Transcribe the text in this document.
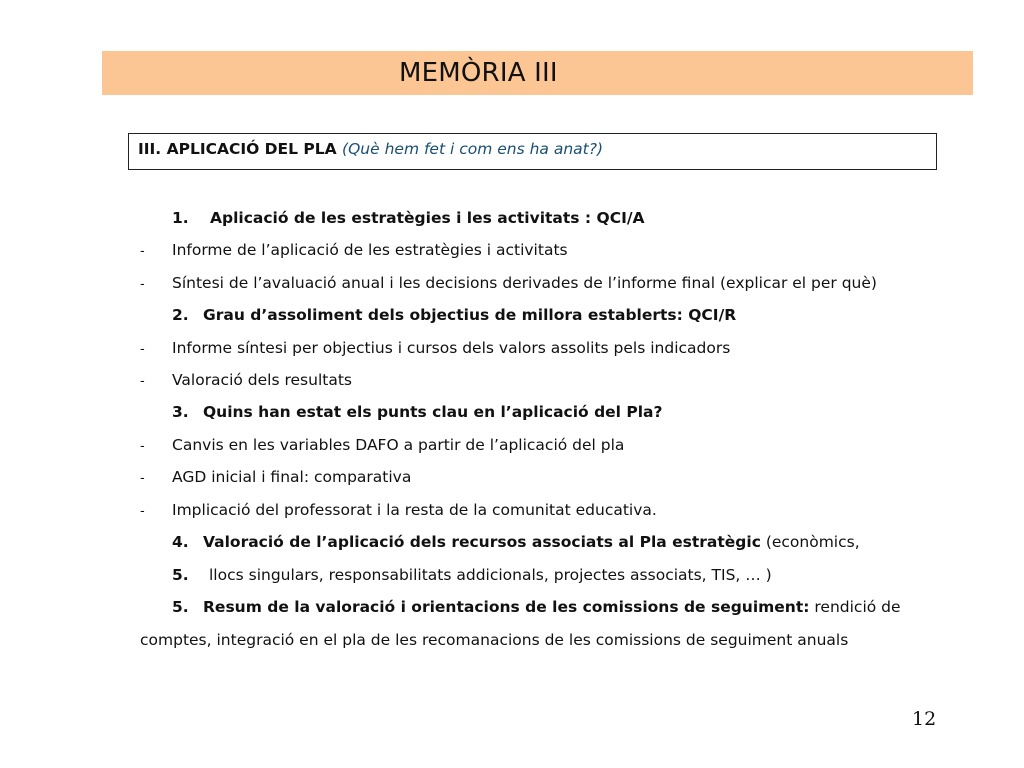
MEMÒRIA III
III. APLICACIÓ DEL PLA (Què hem fet i com ens ha anat?)
1. Aplicació de les estratègies i les activitats : QCI/A
- Informe de l’aplicació de les estratègies i activitats
- Síntesi de l’avaluació anual i les decisions derivades de l’informe final (explicar el per què)
2. Grau d’assoliment dels objectius de millora establerts: QCI/R
- Informe síntesi per objectius i cursos dels valors assolits pels indicadors
- Valoració dels resultats
3. Quins han estat els punts clau en l’aplicació del Pla?
- Canvis en les variables DAFO a partir de l’aplicació del pla
- AGD inicial i final: comparativa
- Implicació del professorat i la resta de la comunitat educativa.
4. Valoració de l’aplicació dels recursos associats al Pla estratègic (econòmics,
5. llocs singulars, responsabilitats addicionals, projectes associats, TIS, … )
5. Resum de la valoració i orientacions de les comissions de seguiment: rendició de
comptes, integració en el pla de les recomanacions de les comissions de seguiment anuals
12
